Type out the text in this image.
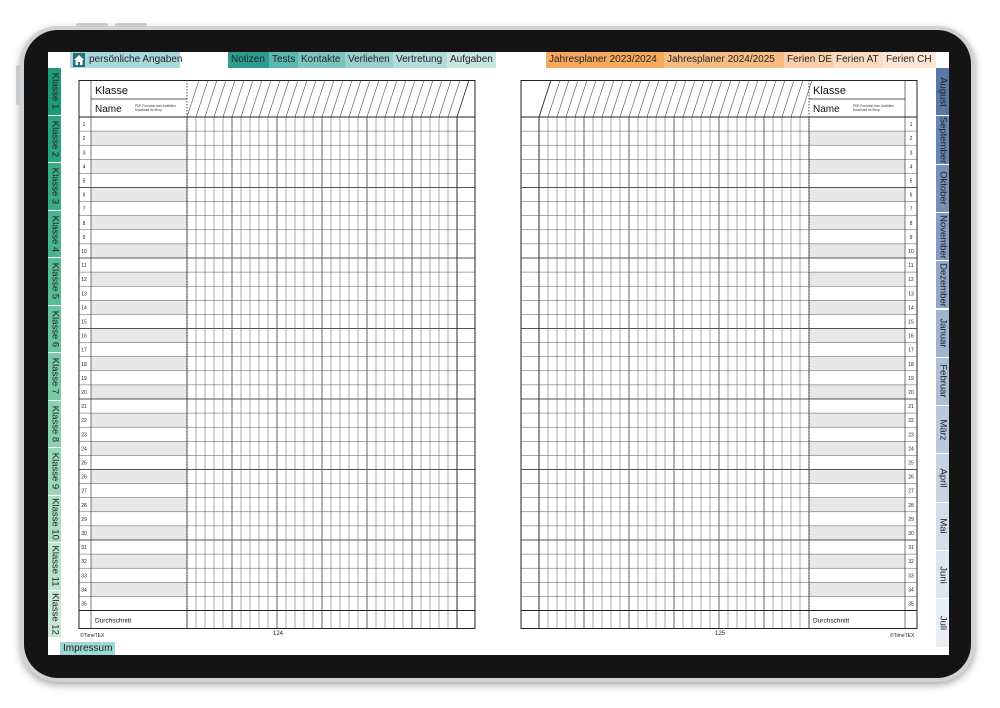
persönliche Angaben	Notizen Tests Kontakte Verliehen Vertretung Aufgaben	Jahresplaner 2023/2024	Jahresplaner 2024/2025	Ferien DE Ferien AT Ferien CH
Klasse 1
Klasse 2
Klasse 3
Klasse 4
Klasse 5
Klasse 6
Klasse 7
Klasse 8
Klasse 9
Klasse 10
Klasse 11
Klasse 12
August
September
Oktober
November
Dezember
Januar
Februar
März
April
Mai
Juni
Juli
1
2
3
4
5
6
7
8
9
10
11
12
13
14
15
16
17
18
19
20
21
22
23
24
25
26
27
28
29
30
31
32
33
34
35
Klasse
Name	PDF-Formular zum Ausfüllen
Download im Shop
Durchschnitt
1
2
3
4
5
6
7
8
9
10
11
12
13
14
15
16
17
18
19
20
21
22
23
24
25
26
27
28
29
30
31
32
33
34
35
Klasse
Name	PDF-Formular zum Ausfüllen
Download im Shop
Durchschnitt
©TimeTEX	124	125	©TimeTEX
Impressum
